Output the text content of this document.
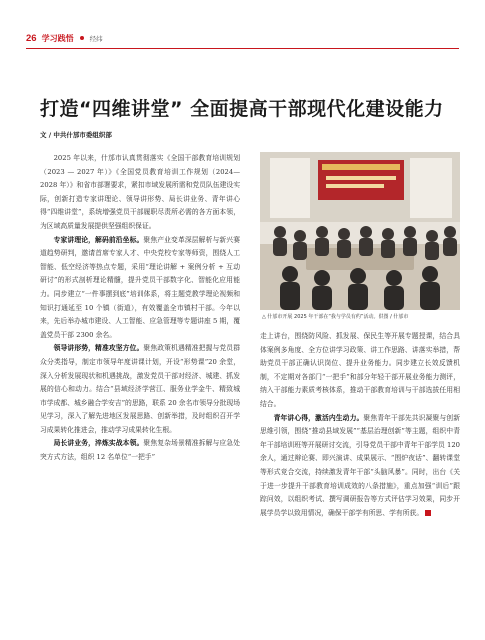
26 学习践悟 经纬
打造“四维讲堂” 全面提高干部现代化建设能力
文 / 中共什邡市委组织部

2025 年以来，什邡市认真贯彻落实《全国干部教育培训规划（2023 — 2027 年）》《全国党员教育培训工作规划（2024—2028 年）》和省市部署要求，紧扣市域发展所需和党员队伍建设实际，创新打造专家讲理论、领导讲形势、局长讲业务、青年讲心得“四维讲堂”，系统增强党员干部履职尽责所必需的各方面本领，为区域高质量发展提供坚强组织保证。

专家讲理论，解码前沿坐标。聚焦产业变革深层解析与新兴赛道趋势研判，邀请首席专家人才、中央党校专家等师资，围绕人工智能、低空经济等热点专题，采用“理论讲解 + 案例分析 + 互动研讨”的形式剖析理论精髓，提升党员干部数字化、智能化应用能力。同步建立“一件事摆到底”培训体系，将主题党教学理论视频和知识打通延至 10 个镇（街道），有效覆盖全市镇村干部。今年以来，先后举办城市建设、人工智能、应急管理等专题讲座 5 期，覆盖党员干部 2300 余名。

领导讲形势，精准攻坚方位。聚焦政策机遇精准把握与党员群众分类指导，制定市领导年度讲课计划，开设“形势课”20 余堂，深入分析发展现状和机遇挑战，激发党员干部对经济、城建、抓发展的信心和动力。结合“县域经济学营江、服务业学金牛、精致城市学成都、城乡融合学安吉”的思路，联系 20 余名市领导分批现场见学习，深入了解先进地区发展思路、创新举措，及时组织召开学习成果转化推进会，推动学习成果转化生根。

局长讲业务，淬炼实战本领。聚焦复杂场景精准拆解与应急处突方式方法，组织 12 名单位“一把手”

△ 什邡市开展 2025 年干部在“我与学员有约”活动。供图 / 什邡市

走上讲台，围绕防风险、抓发展、保民生等开展专题授课，结合具体案例多角度、全方位讲学习政策、讲工作思路、讲落实举措，帮助党员干部正确认识岗位、提升业务能力。同步建立长效反馈机制，不定期对各部门“一把手”和部分年轻干部开展业务能力测评，纳入干部能力素质考核体系，推动干部教育培训与干部选拔任用相结合。

青年讲心得，激活内生动力。聚焦青年干部先共识凝聚与创新思维引领，围绕“推动县域发展”“基层治理创新”等主题，组织中青年干部培训班等开展研讨交流，引导党员干部中青年干部学员 120 余人，通过辩论赛、即兴演讲、成果展示、“围炉夜话”、翻转课堂等形式竞合交流，持续激发青年干部“头脑风暴”。同时，出台《关于进一步提升干部教育培训成效的八条措施》，重点加强“训后”跟踪问效，以组织考试、撰写调研报告等方式评估学习效果，同步开展学员学以致用情况，确保干部学有所思、学有所获。
